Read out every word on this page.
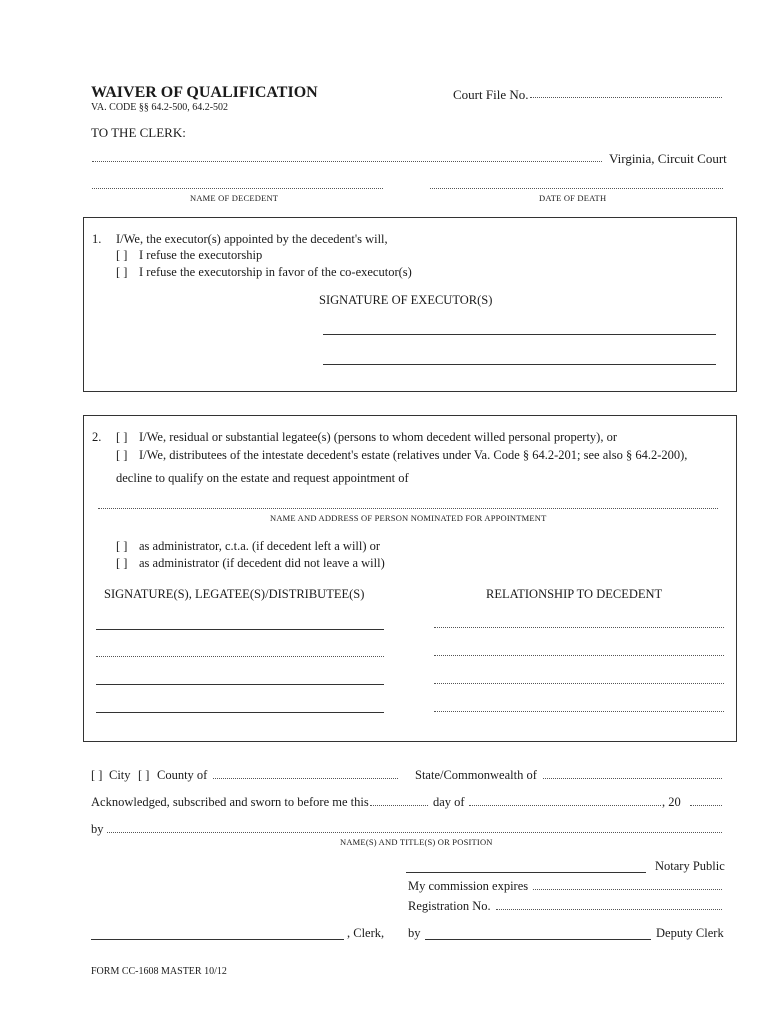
WAIVER OF QUALIFICATION
VA. CODE §§ 64.2-500, 64.2-502
Court File No.
TO THE CLERK:
Virginia, Circuit Court
NAME OF DECEDENT	DATE OF DEATH
1. I/We, the executor(s) appointed by the decedent's will,
[ ] I refuse the executorship
[ ] I refuse the executorship in favor of the co-executor(s)
SIGNATURE OF EXECUTOR(S)
2. [ ] I/We, residual or substantial legatee(s) (persons to whom decedent willed personal property), or
[ ] I/We, distributees of the intestate decedent's estate (relatives under Va. Code § 64.2-201; see also § 64.2-200),
decline to qualify on the estate and request appointment of
NAME AND ADDRESS OF PERSON NOMINATED FOR APPOINTMENT
[ ] as administrator, c.t.a. (if decedent left a will) or
[ ] as administrator (if decedent did not leave a will)
SIGNATURE(S), LEGATEE(S)/DISTRIBUTEE(S)	RELATIONSHIP TO DECEDENT
[ ] City [ ] County of	State/Commonwealth of
Acknowledged, subscribed and sworn to before me this	day of	, 20
by
NAME(S) AND TITLE(S) OR POSITION
Notary Public
My commission expires
Registration No.
, Clerk, by	Deputy Clerk
FORM CC-1608 MASTER 10/12
